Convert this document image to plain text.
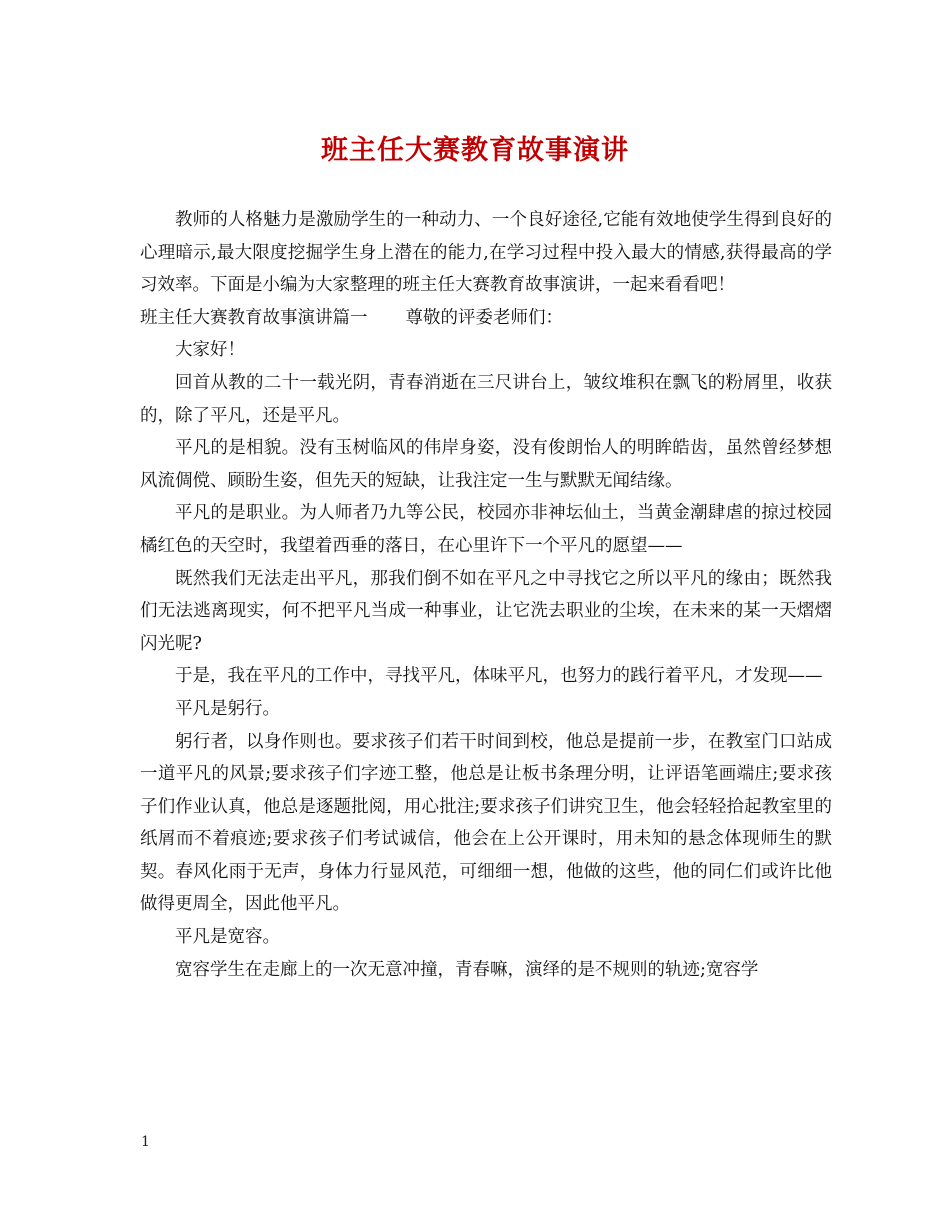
班主任大赛教育故事演讲

教师的人格魅力是激励学生的一种动力、一个良好途径,它能有效地使学生得到良好的心理暗示,最大限度挖掘学生身上潜在的能力,在学习过程中投入最大的情感,获得最高的学习效率。下面是小编为大家整理的班主任大赛教育故事演讲，一起来看看吧！

班主任大赛教育故事演讲篇一 尊敬的评委老师们：

大家好！

回首从教的二十一载光阴，青春消逝在三尺讲台上，皱纹堆积在飘飞的粉屑里，收获的，除了平凡，还是平凡。

平凡的是相貌。没有玉树临风的伟岸身姿，没有俊朗怡人的明眸皓齿，虽然曾经梦想风流倜傥、顾盼生姿，但先天的短缺，让我注定一生与默默无闻结缘。

平凡的是职业。为人师者乃九等公民，校园亦非神坛仙土，当黄金潮肆虐的掠过校园橘红色的天空时，我望着西垂的落日，在心里许下一个平凡的愿望——

既然我们无法走出平凡，那我们倒不如在平凡之中寻找它之所以平凡的缘由；既然我们无法逃离现实，何不把平凡当成一种事业，让它洗去职业的尘埃，在未来的某一天熠熠闪光呢?

于是，我在平凡的工作中，寻找平凡，体味平凡，也努力的践行着平凡，才发现——

平凡是躬行。

躬行者，以身作则也。要求孩子们若干时间到校，他总是提前一步，在教室门口站成一道平凡的风景;要求孩子们字迹工整，他总是让板书条理分明，让评语笔画端庄;要求孩子们作业认真，他总是逐题批阅，用心批注;要求孩子们讲究卫生，他会轻轻拾起教室里的纸屑而不着痕迹;要求孩子们考试诚信，他会在上公开课时，用未知的悬念体现师生的默契。春风化雨于无声，身体力行显风范，可细细一想，他做的这些，他的同仁们或许比他做得更周全，因此他平凡。

平凡是宽容。

宽容学生在走廊上的一次无意冲撞，青春嘛，演绎的是不规则的轨迹;宽容学

1
